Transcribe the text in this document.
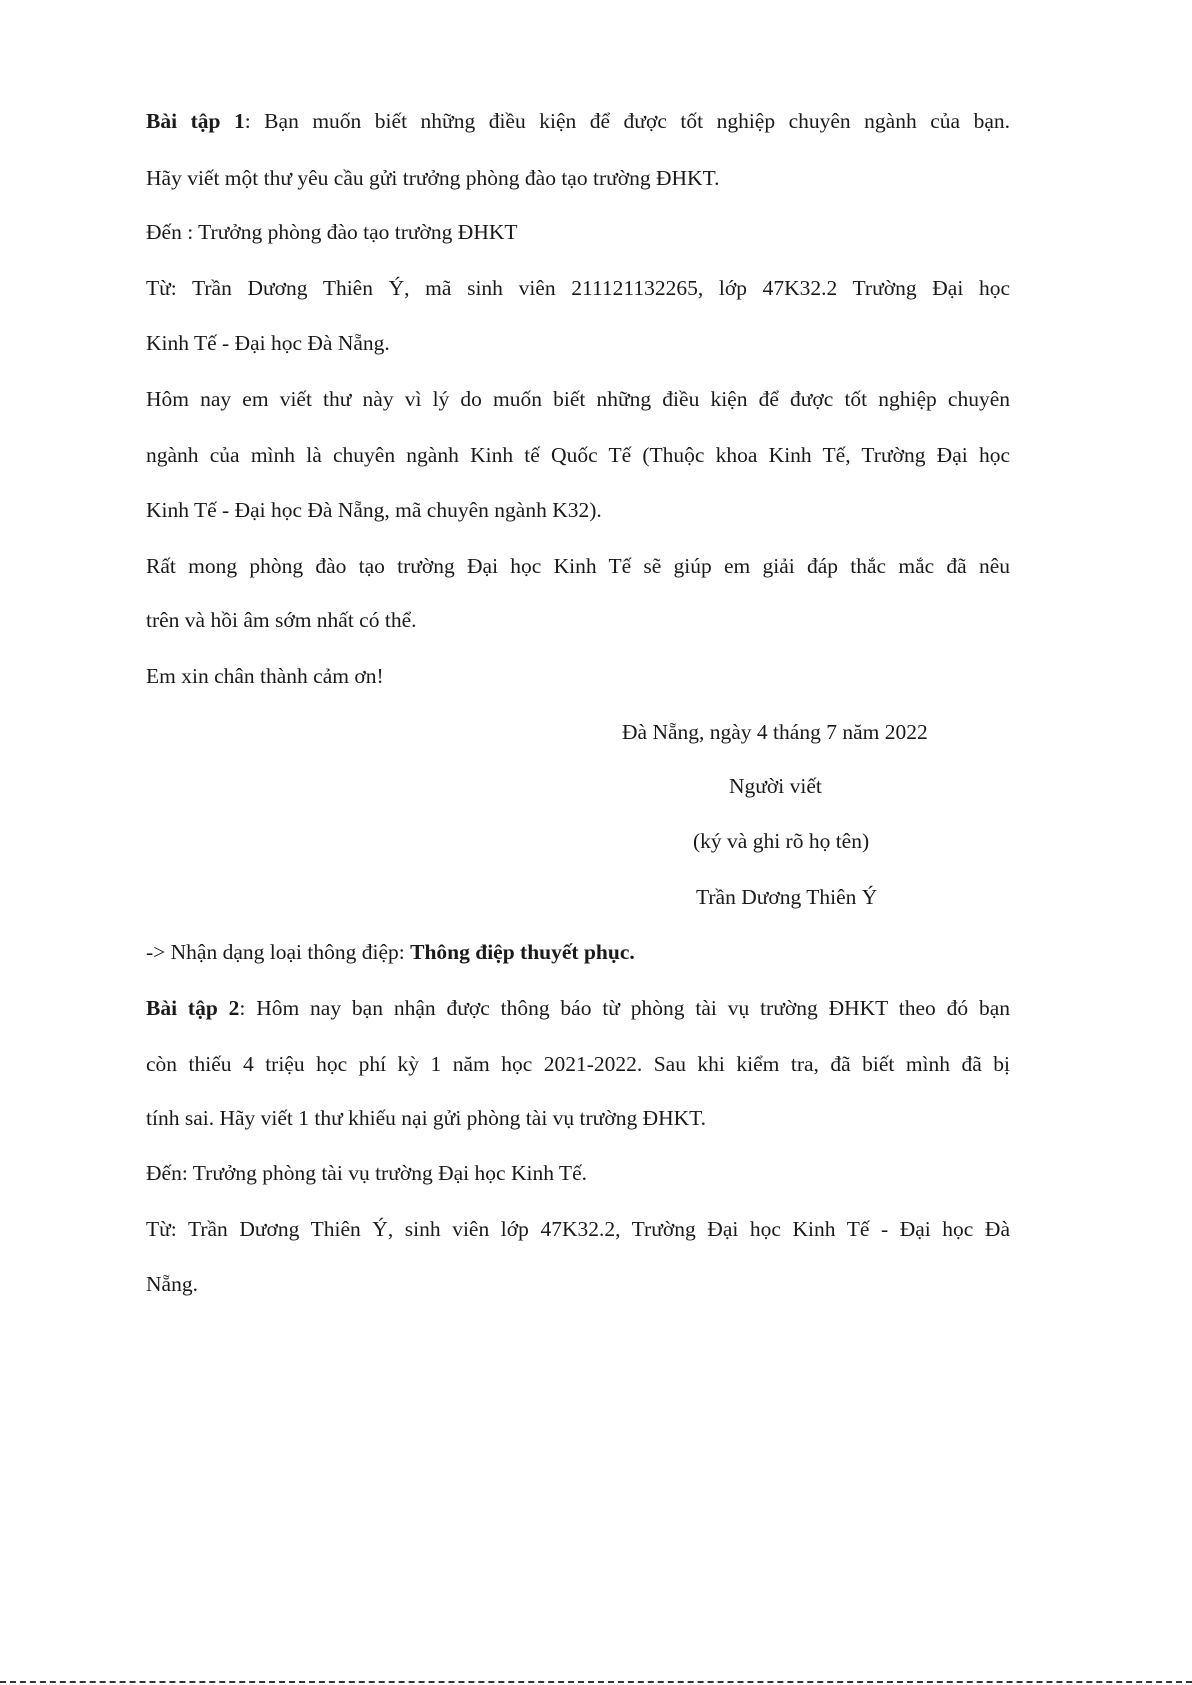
Bài tập 1: Bạn muốn biết những điều kiện để được tốt nghiệp chuyên ngành của bạn.
Hãy viết một thư yêu cầu gửi trưởng phòng đào tạo trường ĐHKT.
Đến : Trưởng phòng đào tạo trường ĐHKT
Từ: Trần Dương Thiên Ý, mã sinh viên 211121132265, lớp 47K32.2 Trường Đại học
Kinh Tế - Đại học Đà Nẵng.
Hôm nay em viết thư này vì lý do muốn biết những điều kiện để được tốt nghiệp chuyên
ngành của mình là chuyên ngành Kinh tế Quốc Tế (Thuộc khoa Kinh Tế, Trường Đại học
Kinh Tế - Đại học Đà Nẵng, mã chuyên ngành K32).
Rất mong phòng đào tạo trường Đại học Kinh Tế sẽ giúp em giải đáp thắc mắc đã nêu
trên và hồi âm sớm nhất có thể.
Em xin chân thành cảm ơn!
Đà Nẵng, ngày 4 tháng 7 năm 2022
Người viết
(ký và ghi rõ họ tên)
Trần Dương Thiên Ý
-> Nhận dạng loại thông điệp: Thông điệp thuyết phục.
Bài tập 2: Hôm nay bạn nhận được thông báo từ phòng tài vụ trường ĐHKT theo đó bạn
còn thiếu 4 triệu học phí kỳ 1 năm học 2021-2022. Sau khi kiểm tra, đã biết mình đã bị
tính sai. Hãy viết 1 thư khiếu nại gửi phòng tài vụ trường ĐHKT.
Đến: Trưởng phòng tài vụ trường Đại học Kinh Tế.
Từ: Trần Dương Thiên Ý, sinh viên lớp 47K32.2, Trường Đại học Kinh Tế - Đại học Đà
Nẵng.
